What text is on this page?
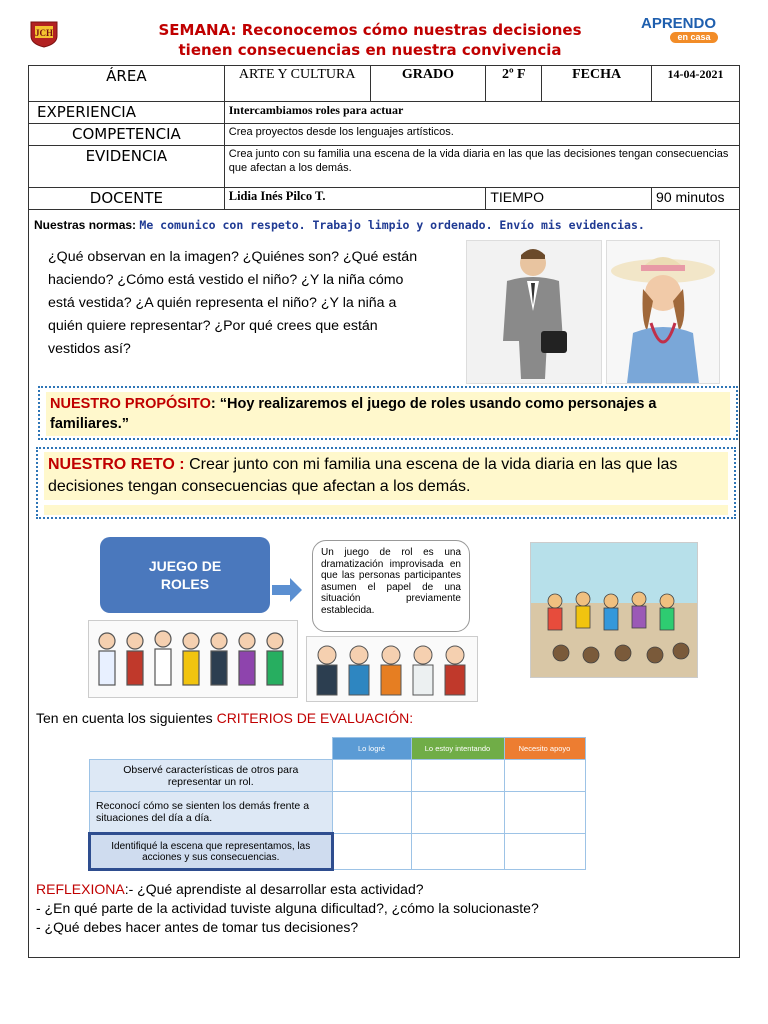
JCH	SEMANA: Reconocemos cómo nuestras decisiones
tienen consecuencias en nuestra convivencia
APRENDO
en casa
ÁREA	ARTE Y CULTURA	GRADO	2º F	FECHA	14-04-2021
EXPERIENCIA	Intercambiamos roles para actuar				
COMPETENCIA	Crea proyectos desde los lenguajes artísticos.				
EVIDENCIA	Crea junto con su familia una escena de la vida diaria en las que las decisiones tengan consecuencias que afectan a los demás.				
DOCENTE	Lidia Inés Pilco T.		TIEMPO		90 minutos
Nuestras normas: Me comunico con respeto. Trabajo limpio y ordenado. Envío mis evidencias.
¿Qué observan en la imagen? ¿Quiénes son? ¿Qué están haciendo? ¿Cómo está vestido el niño? ¿Y la niña cómo está vestida? ¿A quién representa el niño? ¿Y la niña a quién quiere representar? ¿Por qué crees que están vestidos así?
NUESTRO PROPÓSITO: “Hoy realizaremos el juego de roles usando como personajes a familiares.”
NUESTRO RETO : Crear junto con mi familia una escena de la vida diaria en las que las decisiones tengan consecuencias que afectan a los demás.
JUEGO DE
ROLES
Un juego de rol es una dramatización improvisada en que las personas participantes asumen el papel de una situación previamente establecida.
Ten en cuenta los siguientes CRITERIOS DE EVALUACIÓN:
	Lo logré	Lo estoy intentando	Necesito apoyo
Observé características de otros para representar un rol.			
Reconocí cómo se sienten los demás frente a situaciones del día a día.			
Identifiqué la escena que representamos, las acciones y sus consecuencias.			
REFLEXIONA:- ¿Qué aprendiste al desarrollar esta actividad?
- ¿En qué parte de la actividad tuviste alguna dificultad?, ¿cómo la solucionaste?
- ¿Qué debes hacer antes de tomar tus decisiones?
